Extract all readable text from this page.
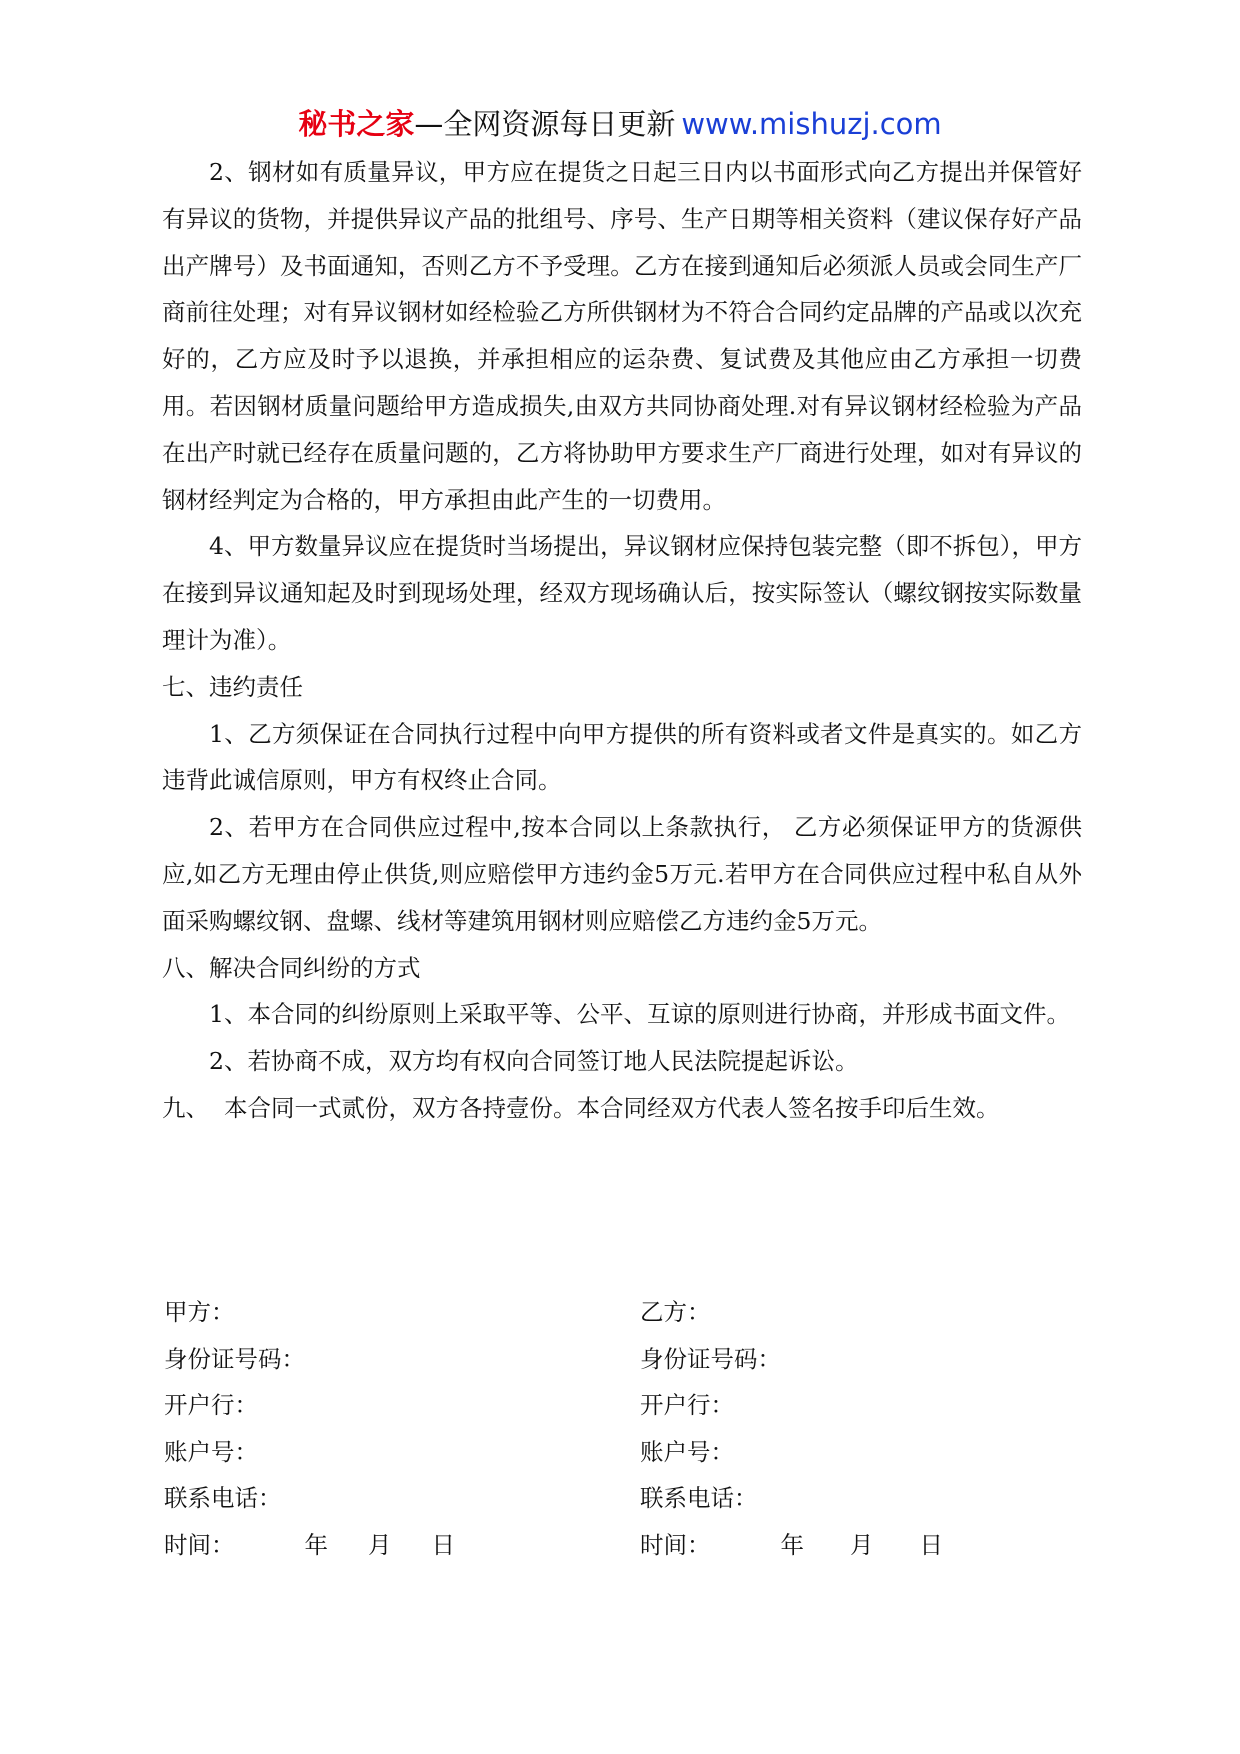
秘书之家—全网资源每日更新 www.mishuzj.com

2、钢材如有质量异议，甲方应在提货之日起三日内以书面形式向乙方提出并保管好有异议的货物，并提供异议产品的批组号、序号、生产日期等相关资料（建议保存好产品出产牌号）及书面通知，否则乙方不予受理。乙方在接到通知后必须派人员或会同生产厂商前往处理；对有异议钢材如经检验乙方所供钢材为不符合合同约定品牌的产品或以次充好的，乙方应及时予以退换，并承担相应的运杂费、复试费及其他应由乙方承担一切费用。若因钢材质量问题给甲方造成损失,由双方共同协商处理.对有异议钢材经检验为产品在出产时就已经存在质量问题的，乙方将协助甲方要求生产厂商进行处理，如对有异议的钢材经判定为合格的，甲方承担由此产生的一切费用。

4、甲方数量异议应在提货时当场提出，异议钢材应保持包装完整（即不拆包），甲方在接到异议通知起及时到现场处理，经双方现场确认后，按实际签认（螺纹钢按实际数量理计为准）。

七、违约责任

1、乙方须保证在合同执行过程中向甲方提供的所有资料或者文件是真实的。如乙方违背此诚信原则，甲方有权终止合同。

2、若甲方在合同供应过程中,按本合同以上条款执行， 乙方必须保证甲方的货源供应,如乙方无理由停止供货,则应赔偿甲方违约金5万元.若甲方在合同供应过程中私自从外面采购螺纹钢、盘螺、线材等建筑用钢材则应赔偿乙方违约金5万元。

八、解决合同纠纷的方式

1、本合同的纠纷原则上采取平等、公平、互谅的原则进行协商，并形成书面文件。

2、若协商不成，双方均有权向合同签订地人民法院提起诉讼。

九、  本合同一式贰份，双方各持壹份。本合同经双方代表人签名按手印后生效。

甲方：	乙方：
身份证号码：	身份证号码：
开户行：	开户行：
账户号：	账户号：
联系电话：	联系电话：
时间：	年 月 日	时间：	年 月 日
